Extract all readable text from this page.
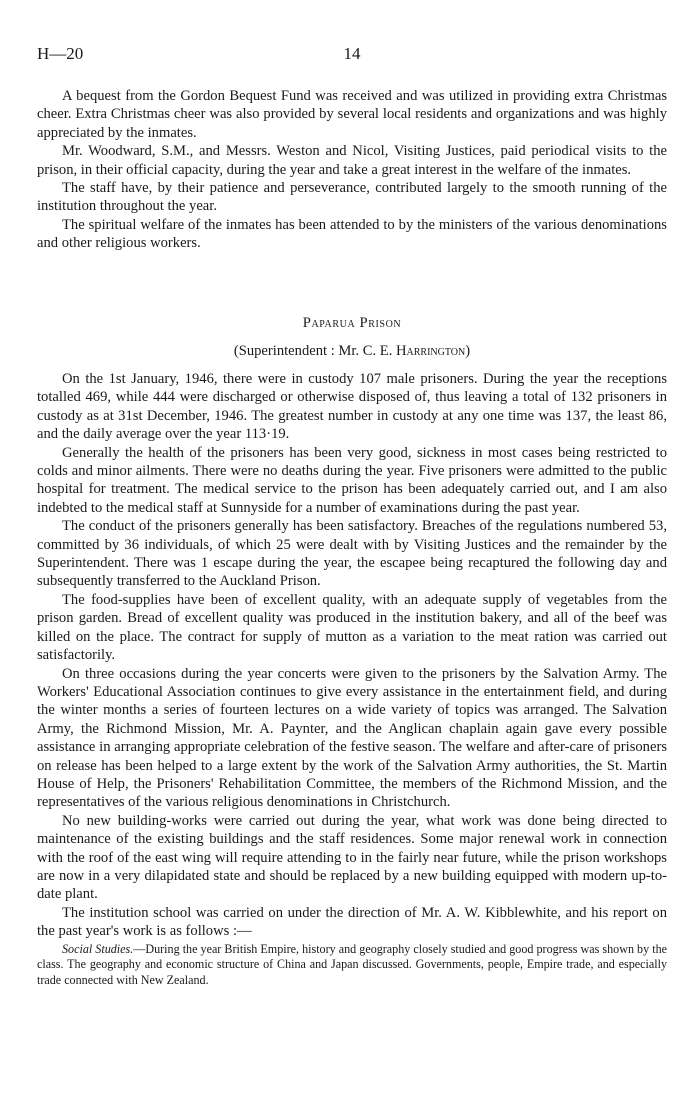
H—20	14

A bequest from the Gordon Bequest Fund was received and was utilized in providing extra Christmas cheer. Extra Christmas cheer was also provided by several local residents and organizations and was highly appreciated by the inmates.

Mr. Woodward, S.M., and Messrs. Weston and Nicol, Visiting Justices, paid periodical visits to the prison, in their official capacity, during the year and take a great interest in the welfare of the inmates.

The staff have, by their patience and perseverance, contributed largely to the smooth running of the institution throughout the year.

The spiritual welfare of the inmates has been attended to by the ministers of the various denominations and other religious workers.

Paparua Prison
(Superintendent : Mr. C. E. Harrington)

On the 1st January, 1946, there were in custody 107 male prisoners. During the year the receptions totalled 469, while 444 were discharged or otherwise disposed of, thus leaving a total of 132 prisoners in custody as at 31st December, 1946. The greatest number in custody at any one time was 137, the least 86, and the daily average over the year 113·19.

Generally the health of the prisoners has been very good, sickness in most cases being restricted to colds and minor ailments. There were no deaths during the year. Five prisoners were admitted to the public hospital for treatment. The medical service to the prison has been adequately carried out, and I am also indebted to the medical staff at Sunnyside for a number of examinations during the past year.

The conduct of the prisoners generally has been satisfactory. Breaches of the regulations numbered 53, committed by 36 individuals, of which 25 were dealt with by Visiting Justices and the remainder by the Superintendent. There was 1 escape during the year, the escapee being recaptured the following day and subsequently transferred to the Auckland Prison.

The food-supplies have been of excellent quality, with an adequate supply of vegetables from the prison garden. Bread of excellent quality was produced in the institution bakery, and all of the beef was killed on the place. The contract for supply of mutton as a variation to the meat ration was carried out satisfactorily.

On three occasions during the year concerts were given to the prisoners by the Salvation Army. The Workers' Educational Association continues to give every assistance in the entertainment field, and during the winter months a series of fourteen lectures on a wide variety of topics was arranged. The Salvation Army, the Richmond Mission, Mr. A. Paynter, and the Anglican chaplain again gave every possible assistance in arranging appropriate celebration of the festive season. The welfare and after-care of prisoners on release has been helped to a large extent by the work of the Salvation Army authorities, the St. Martin House of Help, the Prisoners' Rehabilitation Committee, the members of the Richmond Mission, and the representatives of the various religious denominations in Christchurch.

No new building-works were carried out during the year, what work was done being directed to maintenance of the existing buildings and the staff residences. Some major renewal work in connection with the roof of the east wing will require attending to in the fairly near future, while the prison workshops are now in a very dilapidated state and should be replaced by a new building equipped with modern up-to-date plant.

The institution school was carried on under the direction of Mr. A. W. Kibblewhite, and his report on the past year's work is as follows :—

Social Studies.—During the year British Empire, history and geography closely studied and good progress was shown by the class. The geography and economic structure of China and Japan discussed. Governments, people, Empire trade, and especially trade connected with New Zealand.
